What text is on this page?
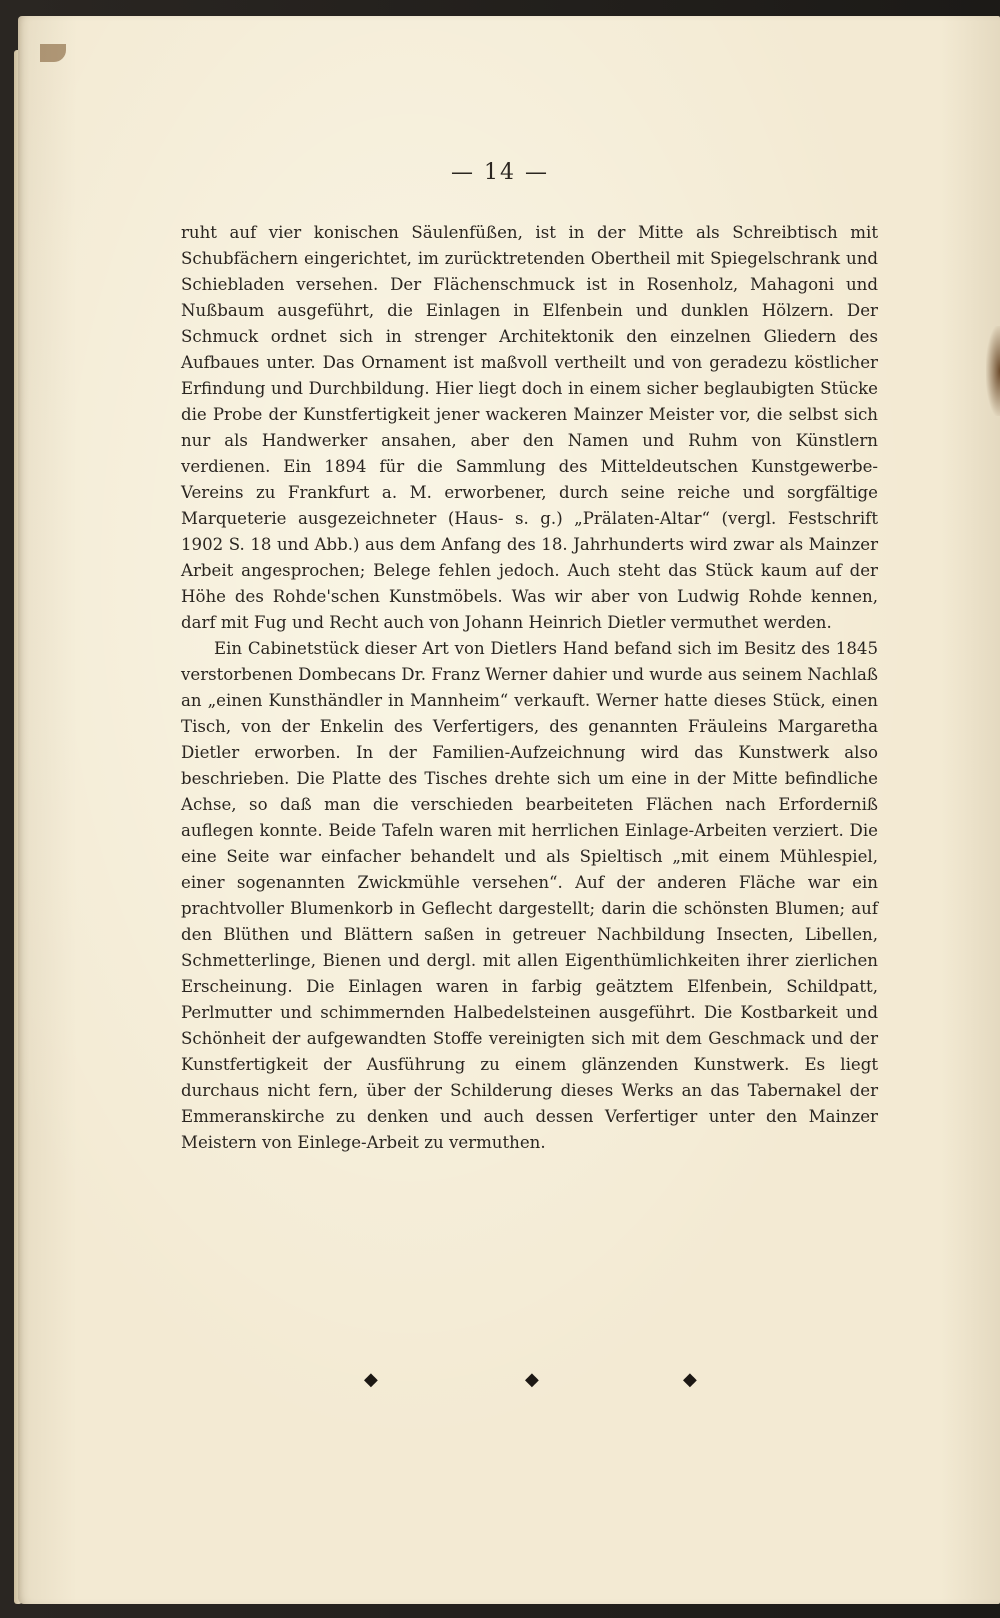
— 14 —

ruht auf vier konischen Säulenfüßen, ist in der Mitte als Schreibtisch mit Schubfächern eingerichtet, im zurücktretenden Obertheil mit Spiegelschrank und Schiebladen versehen. Der Flächenschmuck ist in Rosenholz, Mahagoni und Nußbaum ausgeführt, die Einlagen in Elfenbein und dunklen Hölzern. Der Schmuck ordnet sich in strenger Architektonik den einzelnen Gliedern des Aufbaues unter. Das Ornament ist maßvoll vertheilt und von geradezu köstlicher Erfindung und Durchbildung. Hier liegt doch in einem sicher beglaubigten Stücke die Probe der Kunstfertigkeit jener wackeren Mainzer Meister vor, die selbst sich nur als Handwerker ansahen, aber den Namen und Ruhm von Künstlern verdienen. Ein 1894 für die Sammlung des Mitteldeutschen Kunstgewerbe-Vereins zu Frankfurt a. M. erworbener, durch seine reiche und sorgfältige Marqueterie ausgezeichneter (Haus- s. g.) „Prälaten-Altar“ (vergl. Festschrift 1902 S. 18 und Abb.) aus dem Anfang des 18. Jahrhunderts wird zwar als Mainzer Arbeit angesprochen; Belege fehlen jedoch. Auch steht das Stück kaum auf der Höhe des Rohde'schen Kunstmöbels. Was wir aber von Ludwig Rohde kennen, darf mit Fug und Recht auch von Johann Heinrich Dietler vermuthet werden.

Ein Cabinetstück dieser Art von Dietlers Hand befand sich im Besitz des 1845 verstorbenen Dombecans Dr. Franz Werner dahier und wurde aus seinem Nachlaß an „einen Kunsthändler in Mannheim“ verkauft. Werner hatte dieses Stück, einen Tisch, von der Enkelin des Verfertigers, des genannten Fräuleins Margaretha Dietler erworben. In der Familien-Aufzeichnung wird das Kunstwerk also beschrieben. Die Platte des Tisches drehte sich um eine in der Mitte befindliche Achse, so daß man die verschieden bearbeiteten Flächen nach Erforderniß auflegen konnte. Beide Tafeln waren mit herrlichen Einlage-Arbeiten verziert. Die eine Seite war einfacher behandelt und als Spieltisch „mit einem Mühlespiel, einer sogenannten Zwickmühle versehen“. Auf der anderen Fläche war ein prachtvoller Blumenkorb in Geflecht dargestellt; darin die schönsten Blumen; auf den Blüthen und Blättern saßen in getreuer Nachbildung Insecten, Libellen, Schmetterlinge, Bienen und dergl. mit allen Eigenthümlichkeiten ihrer zierlichen Erscheinung. Die Einlagen waren in farbig geätztem Elfenbein, Schildpatt, Perlmutter und schimmernden Halbedelsteinen ausgeführt. Die Kostbarkeit und Schönheit der aufgewandten Stoffe vereinigten sich mit dem Geschmack und der Kunstfertigkeit der Ausführung zu einem glänzenden Kunstwerk. Es liegt durchaus nicht fern, über der Schilderung dieses Werks an das Tabernakel der Emmeranskirche zu denken und auch dessen Verfertiger unter den Mainzer Meistern von Einlege-Arbeit zu vermuthen.

◆	◆	◆
